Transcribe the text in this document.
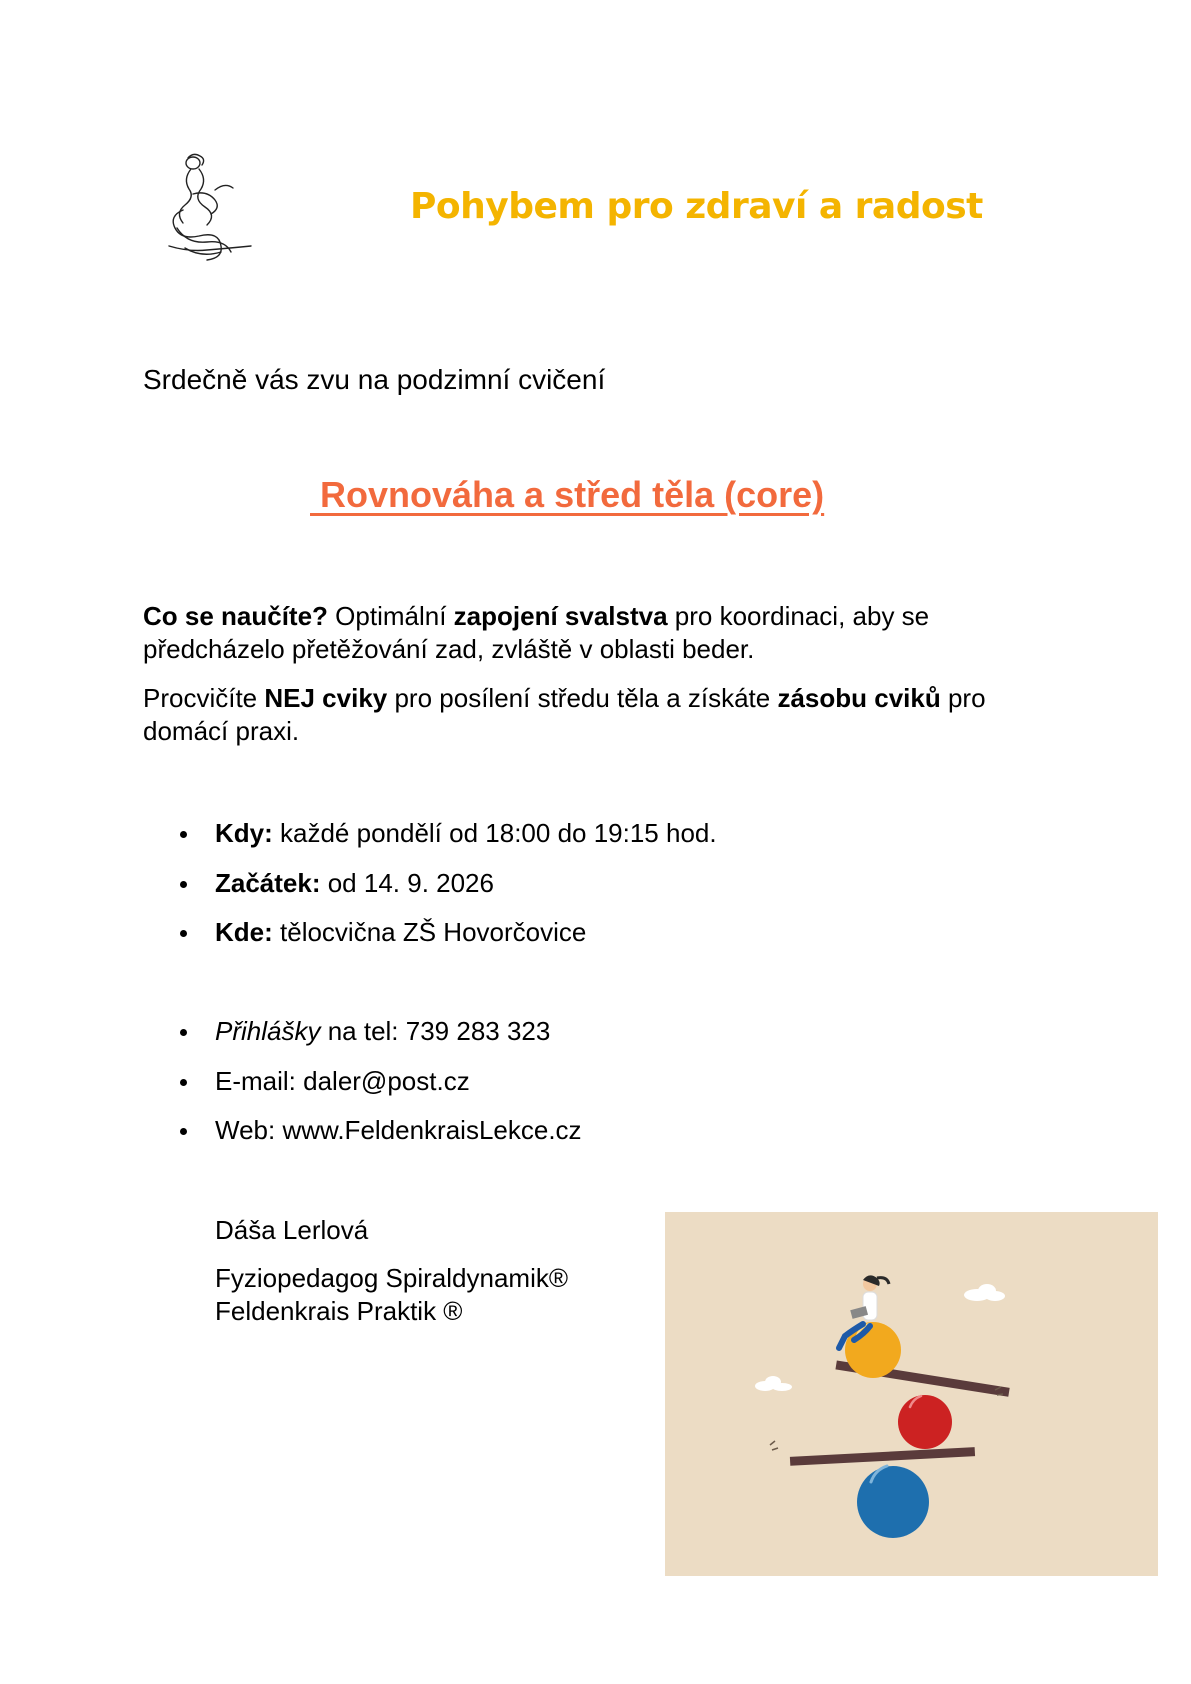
Pohybem pro zdraví a radost
Srdečně vás zvu na podzimní cvičení
Rovnováha a střed těla (core)
Co se naučíte? Optimální zapojení svalstva pro koordinaci, aby se předcházelo přetěžování zad, zvláště v oblasti beder.
Procvičíte NEJ cviky pro posílení středu těla a získáte zásobu cviků pro domácí praxi.
Kdy: každé pondělí od 18:00 do 19:15 hod.
Začátek: od 14. 9. 2026
Kde: tělocvična ZŠ Hovorčovice
Přihlášky na tel: 739 283 323
E-mail: daler@post.cz
Web: www.FeldenkraisLekce.cz
Dáša Lerlová
Fyziopedagog Spiraldynamik®
Feldenkrais Praktik ®
